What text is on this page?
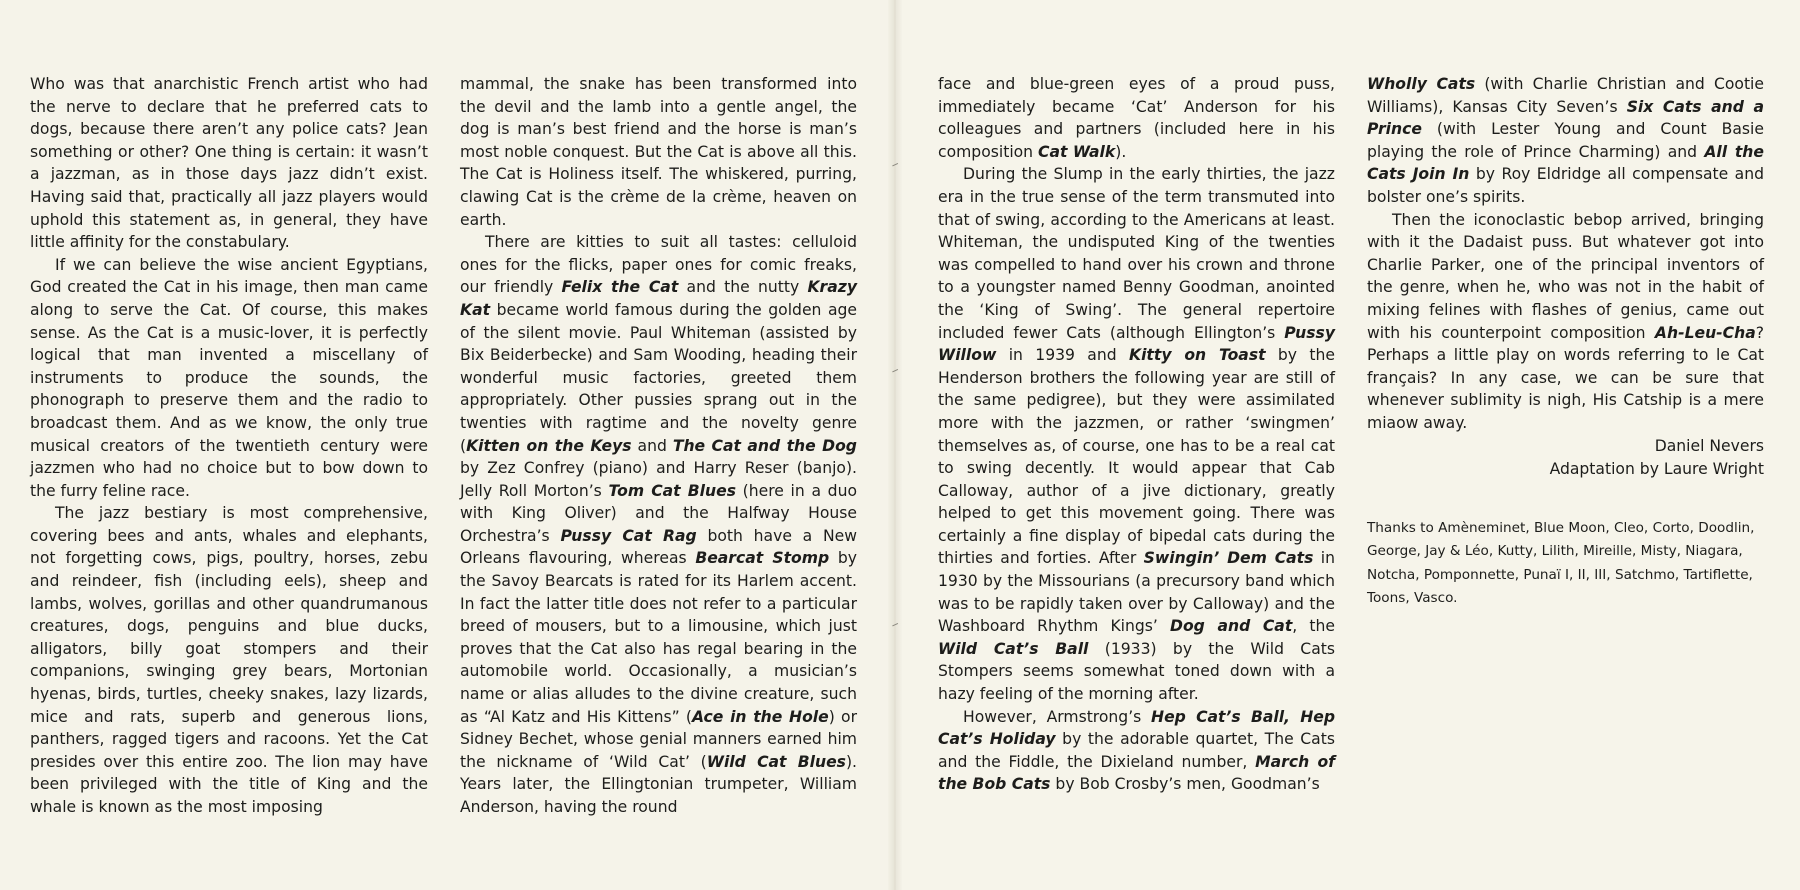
Who was that anarchistic French artist who had the nerve to declare that he preferred cats to dogs, because there aren’t any police cats? Jean something or other? One thing is certain: it wasn’t a jazzman, as in those days jazz didn’t exist. Having said that, practically all jazz players would uphold this statement as, in general, they have little affinity for the constabulary.

If we can believe the wise ancient Egyptians, God created the Cat in his image, then man came along to serve the Cat. Of course, this makes sense. As the Cat is a music-lover, it is perfectly logical that man invented a miscellany of instruments to produce the sounds, the phonograph to preserve them and the radio to broadcast them. And as we know, the only true musical creators of the twentieth century were jazzmen who had no choice but to bow down to the furry feline race.

The jazz bestiary is most comprehensive, covering bees and ants, whales and elephants, not forgetting cows, pigs, poultry, horses, zebu and reindeer, fish (including eels), sheep and lambs, wolves, gorillas and other quandrumanous creatures, dogs, penguins and blue ducks, alligators, billy goat stompers and their companions, swinging grey bears, Mortonian hyenas, birds, turtles, cheeky snakes, lazy lizards, mice and rats, superb and generous lions, panthers, ragged tigers and racoons. Yet the Cat presides over this entire zoo. The lion may have been privileged with the title of King and the whale is known as the most imposing

mammal, the snake has been transformed into the devil and the lamb into a gentle angel, the dog is man’s best friend and the horse is man’s most noble conquest. But the Cat is above all this. The Cat is Holiness itself. The whiskered, purring, clawing Cat is the crème de la crème, heaven on earth.

There are kitties to suit all tastes: celluloid ones for the flicks, paper ones for comic freaks, our friendly Felix the Cat and the nutty Krazy Kat became world famous during the golden age of the silent movie. Paul Whiteman (assisted by Bix Beiderbecke) and Sam Wooding, heading their wonderful music factories, greeted them appropriately. Other pussies sprang out in the twenties with ragtime and the novelty genre (Kitten on the Keys and The Cat and the Dog by Zez Confrey (piano) and Harry Reser (banjo). Jelly Roll Morton’s Tom Cat Blues (here in a duo with King Oliver) and the Halfway House Orchestra’s Pussy Cat Rag both have a New Orleans flavouring, whereas Bearcat Stomp by the Savoy Bearcats is rated for its Harlem accent. In fact the latter title does not refer to a particular breed of mousers, but to a limousine, which just proves that the Cat also has regal bearing in the automobile world. Occasionally, a musician’s name or alias alludes to the divine creature, such as “Al Katz and His Kittens” (Ace in the Hole) or Sidney Bechet, whose genial manners earned him the nickname of ‘Wild Cat’ (Wild Cat Blues). Years later, the Ellingtonian trumpeter, William Anderson, having the round

face and blue-green eyes of a proud puss, immediately became ‘Cat’ Anderson for his colleagues and partners (included here in his composition Cat Walk).

During the Slump in the early thirties, the jazz era in the true sense of the term transmuted into that of swing, according to the Americans at least. Whiteman, the undisputed King of the twenties was compelled to hand over his crown and throne to a youngster named Benny Goodman, anointed the ‘King of Swing’. The general repertoire included fewer Cats (although Ellington’s Pussy Willow in 1939 and Kitty on Toast by the Henderson brothers the following year are still of the same pedigree), but they were assimilated more with the jazzmen, or rather ‘swingmen’ themselves as, of course, one has to be a real cat to swing decently. It would appear that Cab Calloway, author of a jive dictionary, greatly helped to get this movement going. There was certainly a fine display of bipedal cats during the thirties and forties. After Swingin’ Dem Cats in 1930 by the Missourians (a precursory band which was to be rapidly taken over by Calloway) and the Washboard Rhythm Kings’ Dog and Cat, the Wild Cat’s Ball (1933) by the Wild Cats Stompers seems somewhat toned down with a hazy feeling of the morning after.

However, Armstrong’s Hep Cat’s Ball, Hep Cat’s Holiday by the adorable quartet, The Cats and the Fiddle, the Dixieland number, March of the Bob Cats by Bob Crosby’s men, Goodman’s

Wholly Cats (with Charlie Christian and Cootie Williams), Kansas City Seven’s Six Cats and a Prince (with Lester Young and Count Basie playing the role of Prince Charming) and All the Cats Join In by Roy Eldridge all compensate and bolster one’s spirits.

Then the iconoclastic bebop arrived, bringing with it the Dadaist puss. But whatever got into Charlie Parker, one of the principal inventors of the genre, when he, who was not in the habit of mixing felines with flashes of genius, came out with his counterpoint composition Ah-Leu-Cha? Perhaps a little play on words referring to le Cat français? In any case, we can be sure that whenever sublimity is nigh, His Catship is a mere miaow away.

Daniel Nevers

Adaptation by Laure Wright

Thanks to Amèneminet, Blue Moon, Cleo, Corto, Doodlin, George, Jay & Léo, Kutty, Lilith, Mireille, Misty, Niagara, Notcha, Pomponnette, Punaï I, II, III, Satchmo, Tartiflette, Toons, Vasco.
